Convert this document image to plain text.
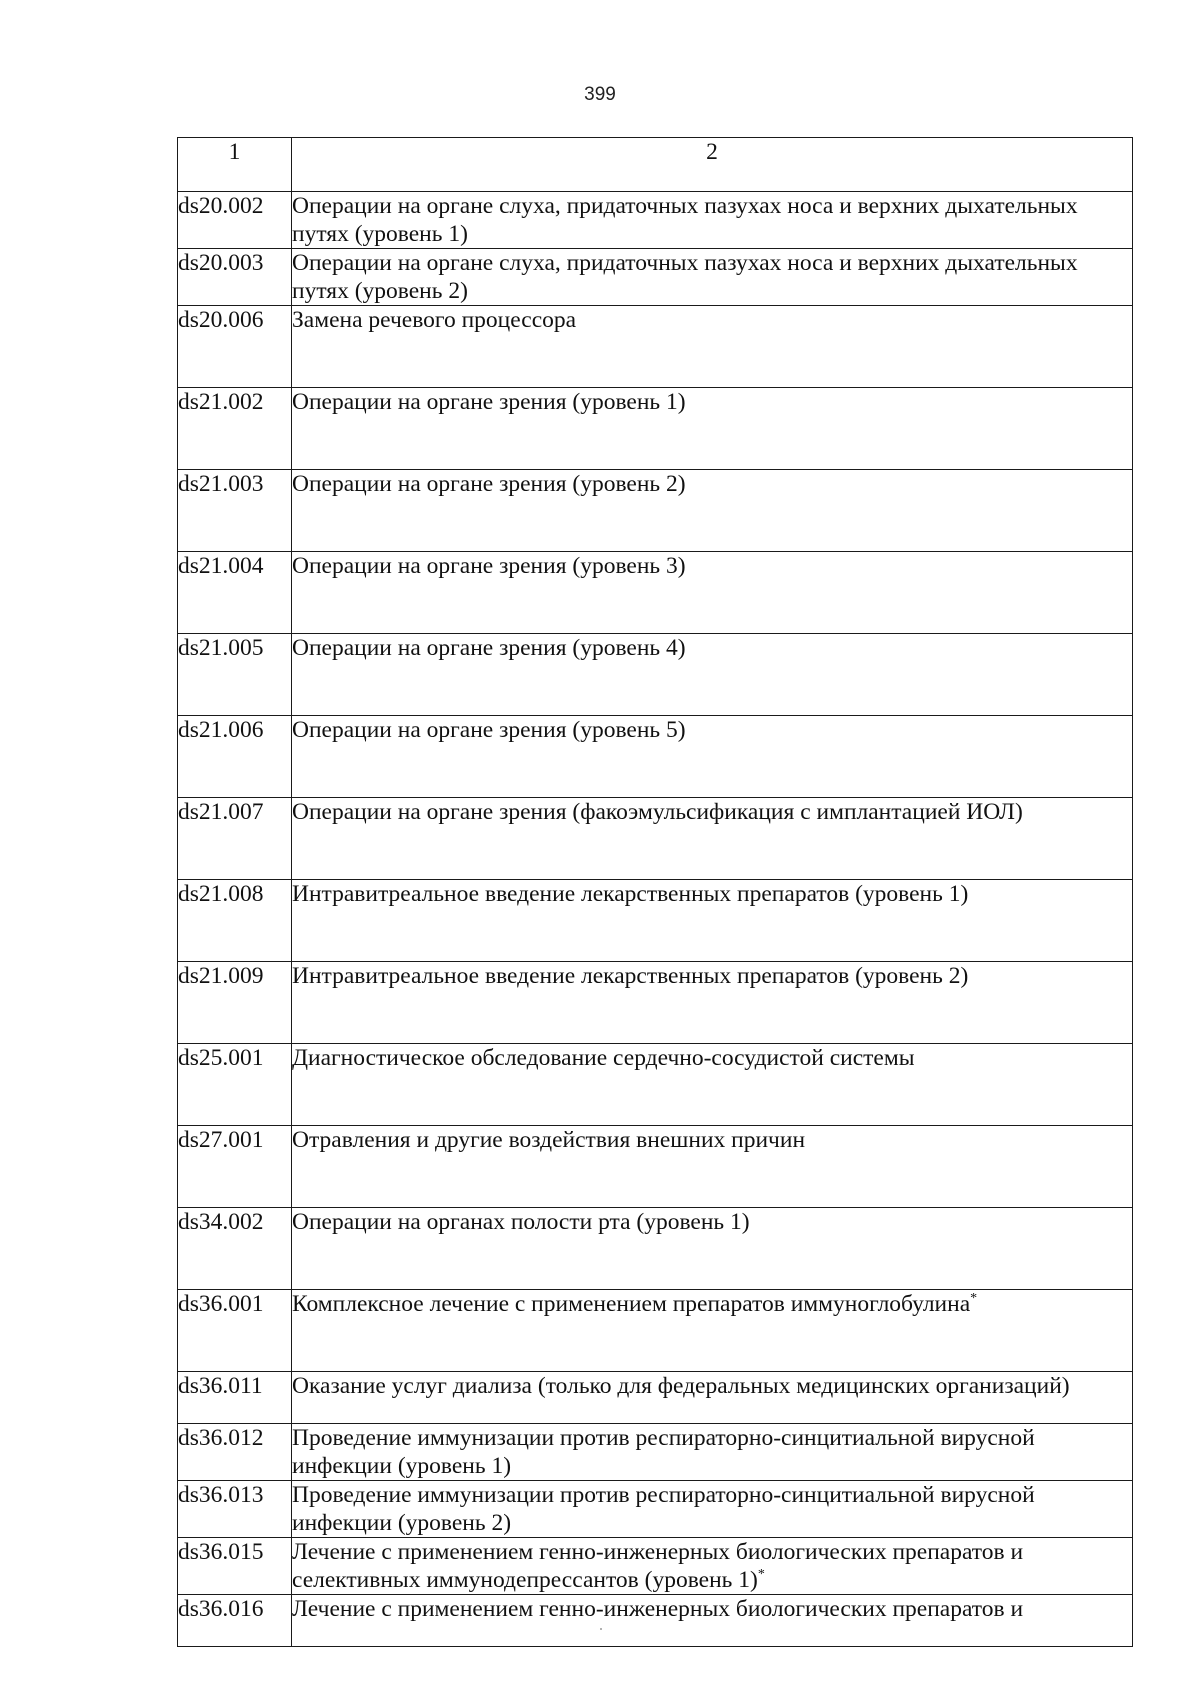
399
1	2
ds20.002	Операции на органе слуха, придаточных пазухах носа и верхних дыхательных путях (уровень 1)
ds20.003	Операции на органе слуха, придаточных пазухах носа и верхних дыхательных путях (уровень 2)
ds20.006	Замена речевого процессора
ds21.002	Операции на органе зрения (уровень 1)
ds21.003	Операции на органе зрения (уровень 2)
ds21.004	Операции на органе зрения (уровень 3)
ds21.005	Операции на органе зрения (уровень 4)
ds21.006	Операции на органе зрения (уровень 5)
ds21.007	Операции на органе зрения (факоэмульсификация с имплантацией ИОЛ)
ds21.008	Интравитреальное введение лекарственных препаратов (уровень 1)
ds21.009	Интравитреальное введение лекарственных препаратов (уровень 2)
ds25.001	Диагностическое обследование сердечно-сосудистой системы
ds27.001	Отравления и другие воздействия внешних причин
ds34.002	Операции на органах полости рта (уровень 1)
ds36.001	Комплексное лечение с применением препаратов иммуноглобулина*
ds36.011	Оказание услуг диализа (только для федеральных медицинских организаций)
ds36.012	Проведение иммунизации против респираторно-синцитиальной вирусной инфекции (уровень 1)
ds36.013	Проведение иммунизации против респираторно-синцитиальной вирусной инфекции (уровень 2)
ds36.015	Лечение с применением генно-инженерных биологических препаратов и селективных иммунодепрессантов (уровень 1)*
ds36.016	Лечение с применением генно-инженерных биологических препаратов и
